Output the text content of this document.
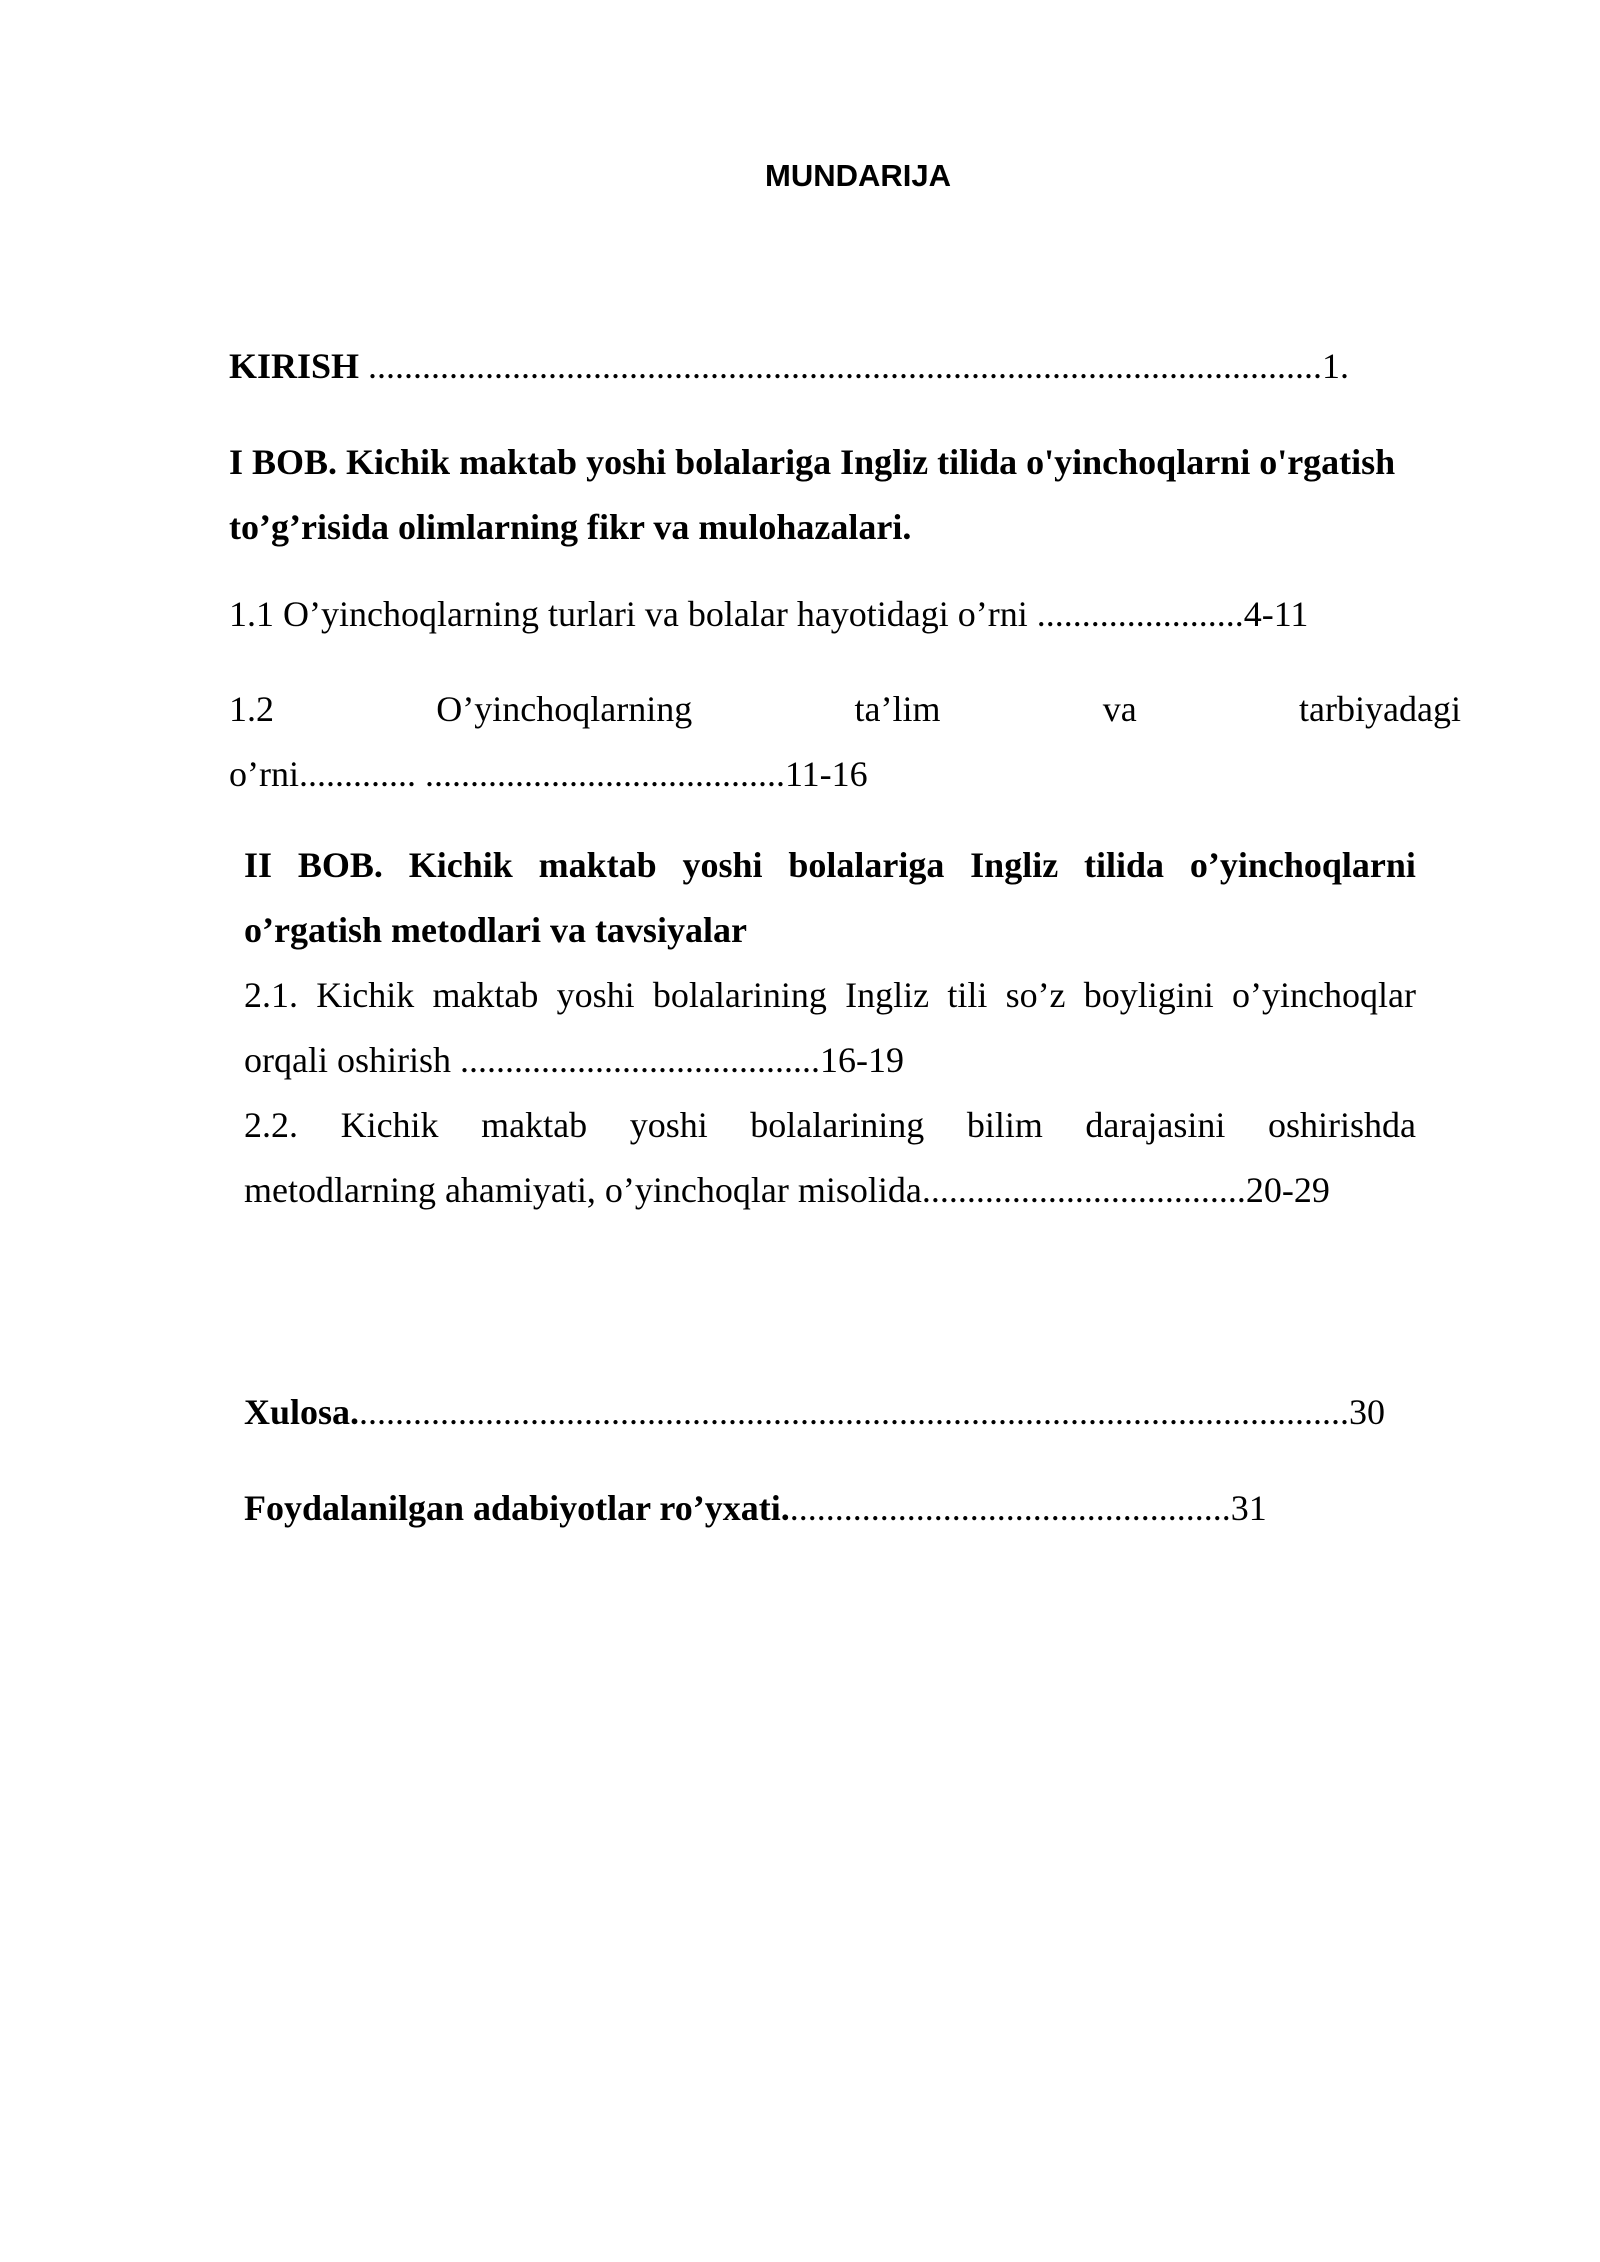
MUNDARIJA
KIRISH ..........................................................................................................1.
I BOB. Kichik maktab yoshi bolalariga Ingliz tilida o'yinchoqlarni o'rgatish
to’g’risida olimlarning fikr va mulohazalari.
1.1 O’yinchoqlarning turlari va bolalar hayotidagi o’rni .......................4-11
1.2	O’yinchoqlarning	ta’lim	va	tarbiyadagi
o’rni............. ........................................11-16
II BOB. Kichik maktab yoshi bolalariga Ingliz tilida o’yinchoqlarni
o’rgatish metodlari va tavsiyalar
2.1. Kichik maktab yoshi bolalarining Ingliz tili so’z boyligini o’yinchoqlar
orqali oshirish ........................................16-19
2.2. Kichik maktab yoshi bolalarining bilim darajasini oshirishda
metodlarning ahamiyati, o’yinchoqlar misolida....................................20-29
Xulosa...............................................................................................................30
Foydalanilgan adabiyotlar ro’yxati..................................................31
